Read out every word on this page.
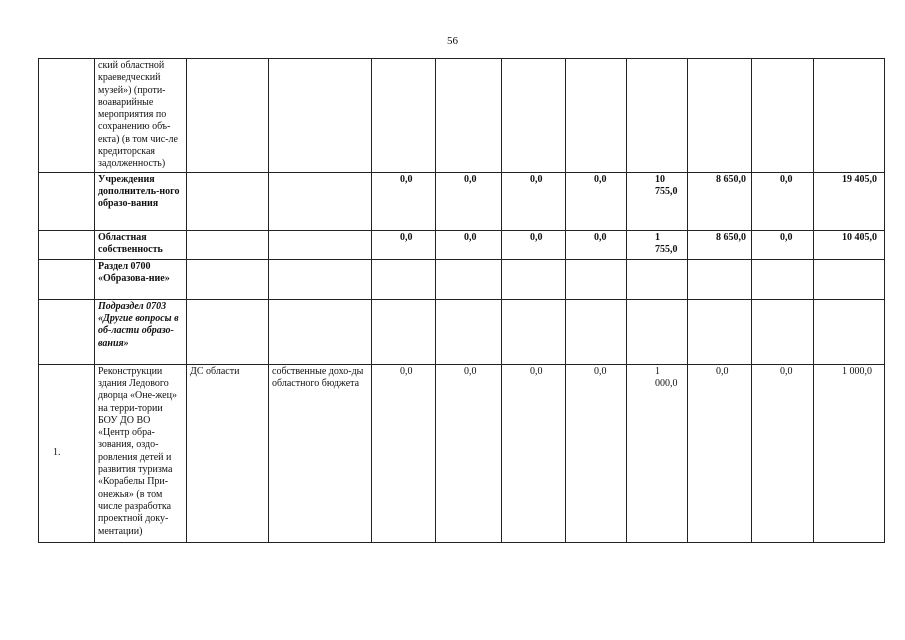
56
	ский областной краеведческий музей») (проти-воаварийные мероприятия по сохранению объ-екта) (в том чис-ле кредиторская задолженность)										
	Учреждения дополнитель-ного образо-вания			0,0	0,0	0,0	0,0	10 755,0	8 650,0	0,0	19 405,0
	Областная собственность			0,0	0,0	0,0	0,0	1 755,0	8 650,0	0,0	10 405,0
	Раздел 0700 «Образова-ние»										
	Подраздел 0703 «Другие вопросы в об-ласти образо-вания»										
1.	Реконструкции здания Ледового дворца «Оне-жец» на терри-тории БОУ ДО ВО «Центр обра-зования, оздо-ровления детей и развития туризма «Корабелы При-онежья» (в том числе разработка проектной доку-ментации)	ДС области	собственные дохо-ды областного бюджета	0,0	0,0	0,0	0,0	1 000,0	0,0	0,0	1 000,0
